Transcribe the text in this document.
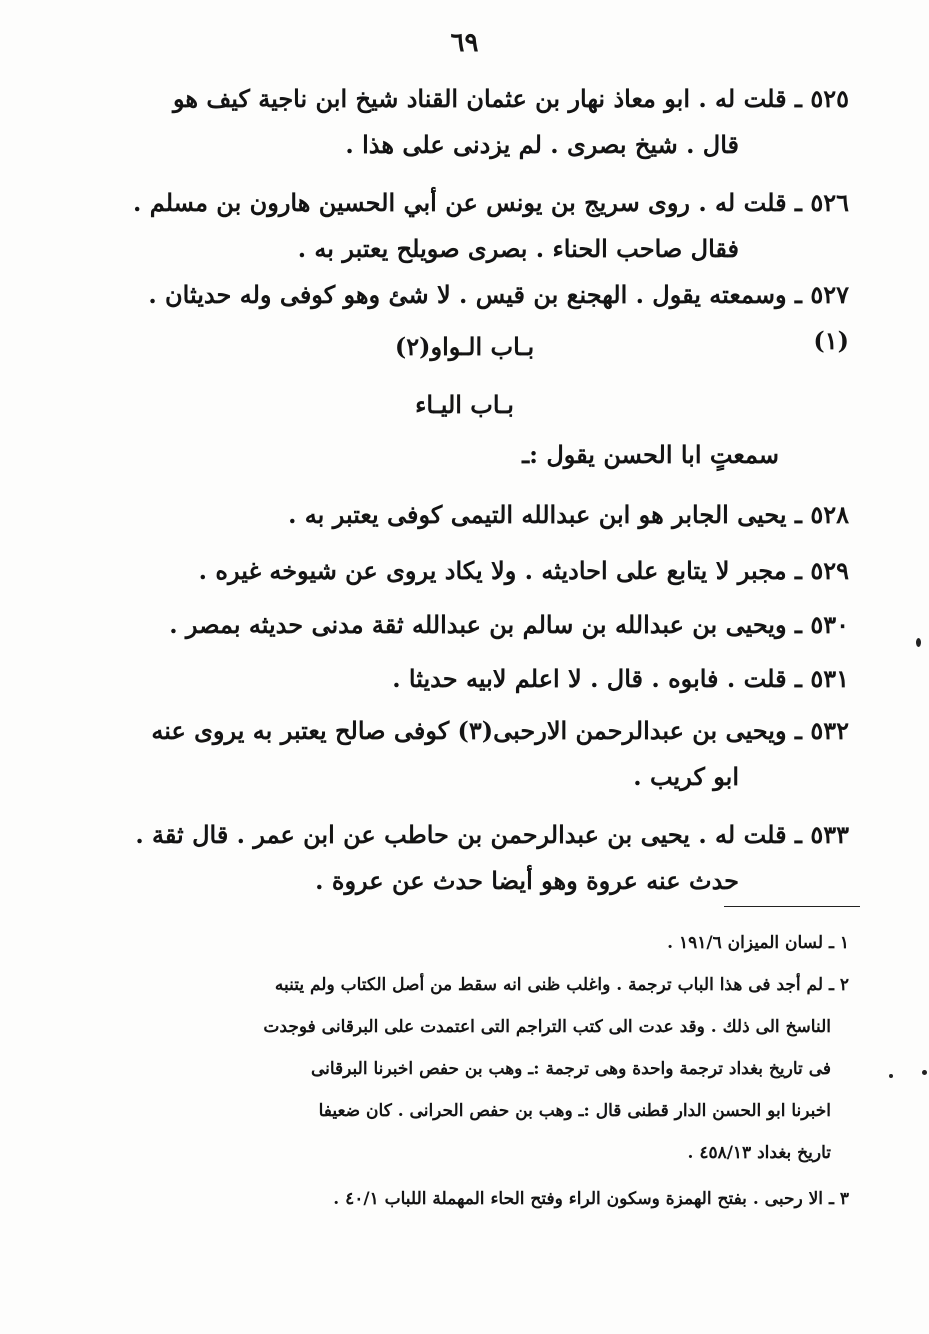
٦٩
٥٢٥ ـ قلت له . ابو معاذ نهار بن عثمان القناد شيخ ابن ناجية كيف هو
قال . شيخ بصرى . لم يزدنى على هذا .
٥٢٦ ـ قلت له . روى سريج بن يونس عن أبي الحسين هارون بن مسلم .
فقال صاحب الحناء . بصرى صويلح يعتبر به .
٥٢٧ ـ وسمعته يقول . الهجنع بن قيس . لا شئ وهو كوفى وله حديثان .(١)
بـاب الـواو(٢)
بـاب اليـاء
سمعتٍ ابا الحسن يقول :ـ
٥٢٨ ـ يحيى الجابر هو ابن عبدالله التيمى كوفى يعتبر به .
٥٢٩ ـ مجبر لا يتابع على احاديثه . ولا يكاد يروى عن شيوخه غيره .
٥٣٠ ـ ويحيى بن عبدالله بن سالم بن عبدالله ثقة مدنى حديثه بمصر .
٥٣١ ـ قلت . فابوه . قال . لا اعلم لابيه حديثا .
٥٣٢ ـ ويحيى بن عبدالرحمن الارحبى(٣) كوفى صالح يعتبر به يروى عنه
ابو كريب .
٥٣٣ ـ قلت له . يحيى بن عبدالرحمن بن حاطب عن ابن عمر . قال ثقة .
حدث عنه عروة وهو أيضا حدث عن عروة .
١ ـ لسان الميزان ١٩١/٦ .
٢ ـ لم أجد فى هذا الباب ترجمة . واغلب ظنى انه سقط من أصل الكتاب ولم يتنبه
الناسخ الى ذلك . وقد عدت الى كتب التراجم التى اعتمدت على البرقانى فوجدت
فى تاريخ بغداد ترجمة واحدة وهى ترجمة :ـ وهب بن حفص اخبرنا البرقانى
اخبرنا ابو الحسن الدار قطنى قال :ـ وهب بن حفص الحرانى . كان ضعيفا
تاريخ بغداد ٤٥٨/١٣ .
٣ ـ الا رحبى . بفتح الهمزة وسكون الراء وفتح الحاء المهملة اللباب ٤٠/١ .
